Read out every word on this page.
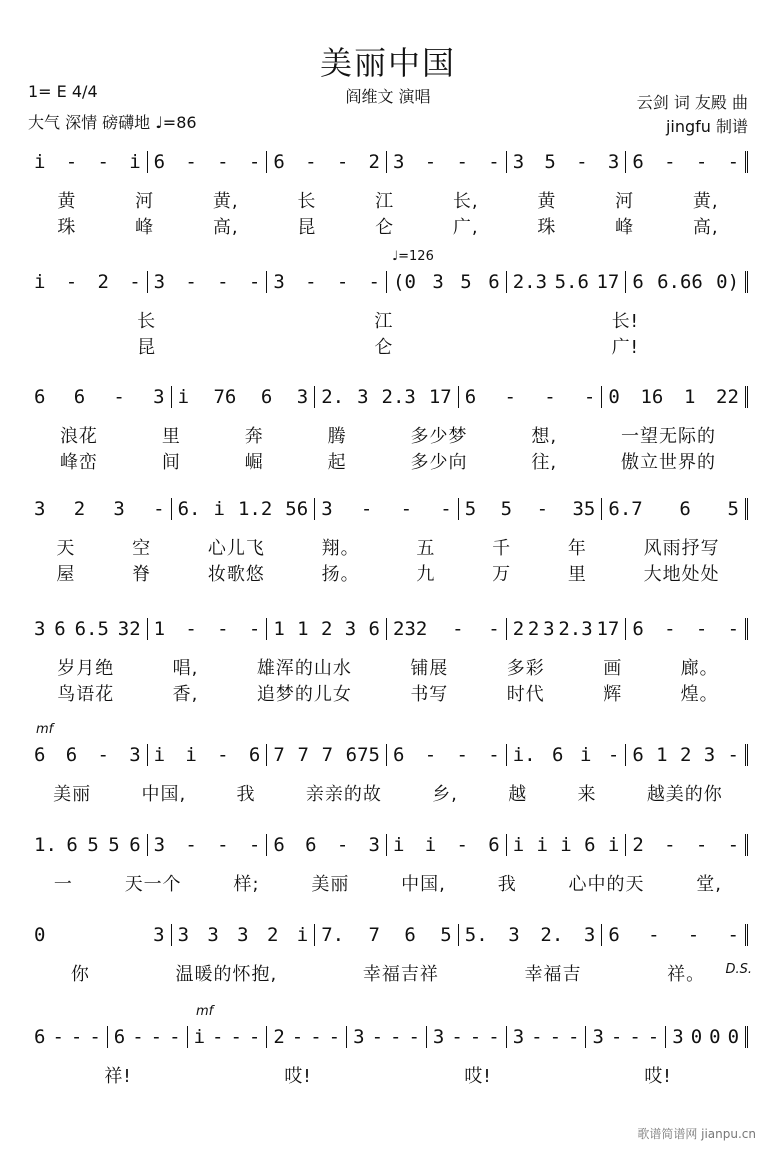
美丽中国
阎维文 演唱
1= E 4/4
大气 深情 磅礴地 ♩=86
云剑 词 友殿 曲
jingfu 制谱
i - - i 6 - - - 6 - - 2 3 - - - 3 5 - 3 6 - - -
黄	河	黄,	长	江	长,	黄	河	黄,
珠	峰	高,	昆	仑	广,	珠	峰	高,
i - 2 - 3 - - - 3 - - - (0 3 5 6 2.3 5.6 17 6 6.66 0)
长	江	长!
昆	仑	广!
♩=126
6 6 - 3 i 76 6 3 2. 3 2.3 17 6 - - - 0 16 1 22
浪花	里	奔	腾	多少梦	想,	一望无际的
峰峦	间	崛	起	多少向	往,	傲立世界的
3 2 3 - 6. i 1.2 56 3 - - - 5 5 - 35 6.7 6 5
天	空	心儿飞	翔。	五	千	年	风雨抒写
屋	脊	妆歌悠	扬。	九	万	里	大地处处
3 6 6.5 32 1 - - - 1 1 2 3 6 232 - - 2 2 3 2.3 17 6 - - -
岁月绝	唱,	雄浑的山水	铺展	多彩	画	廊。
鸟语花	香,	追梦的儿女	书写	时代	辉	煌。
6 6 - 3 i i - 6 7 7 7 675 6 - - - i. 6 i - 6 1 2 3 -
美丽	中国,	我	亲亲的故	乡,	越	来	越美的你
mf
1. 6 5 5 6 3 - - - 6 6 - 3 i i - 6 i i i 6 i 2 - - -
一	天一个	样;	美丽	中国,	我	心中的天	堂,
0	3 3 3 3 2 i 7. 7 6 5 5. 3 2. 3 6 - - -
你	温暖的怀抱,	幸福吉祥	幸福吉	祥。 D.S.
6 - - - 6 - - - i - - - 2 - - - 3 - - - 3 - - - 3 - - - 3 - - - 3 0 0 0
祥!	哎!	哎!	哎!
mf
歌谱简谱网 jianpu.cn
